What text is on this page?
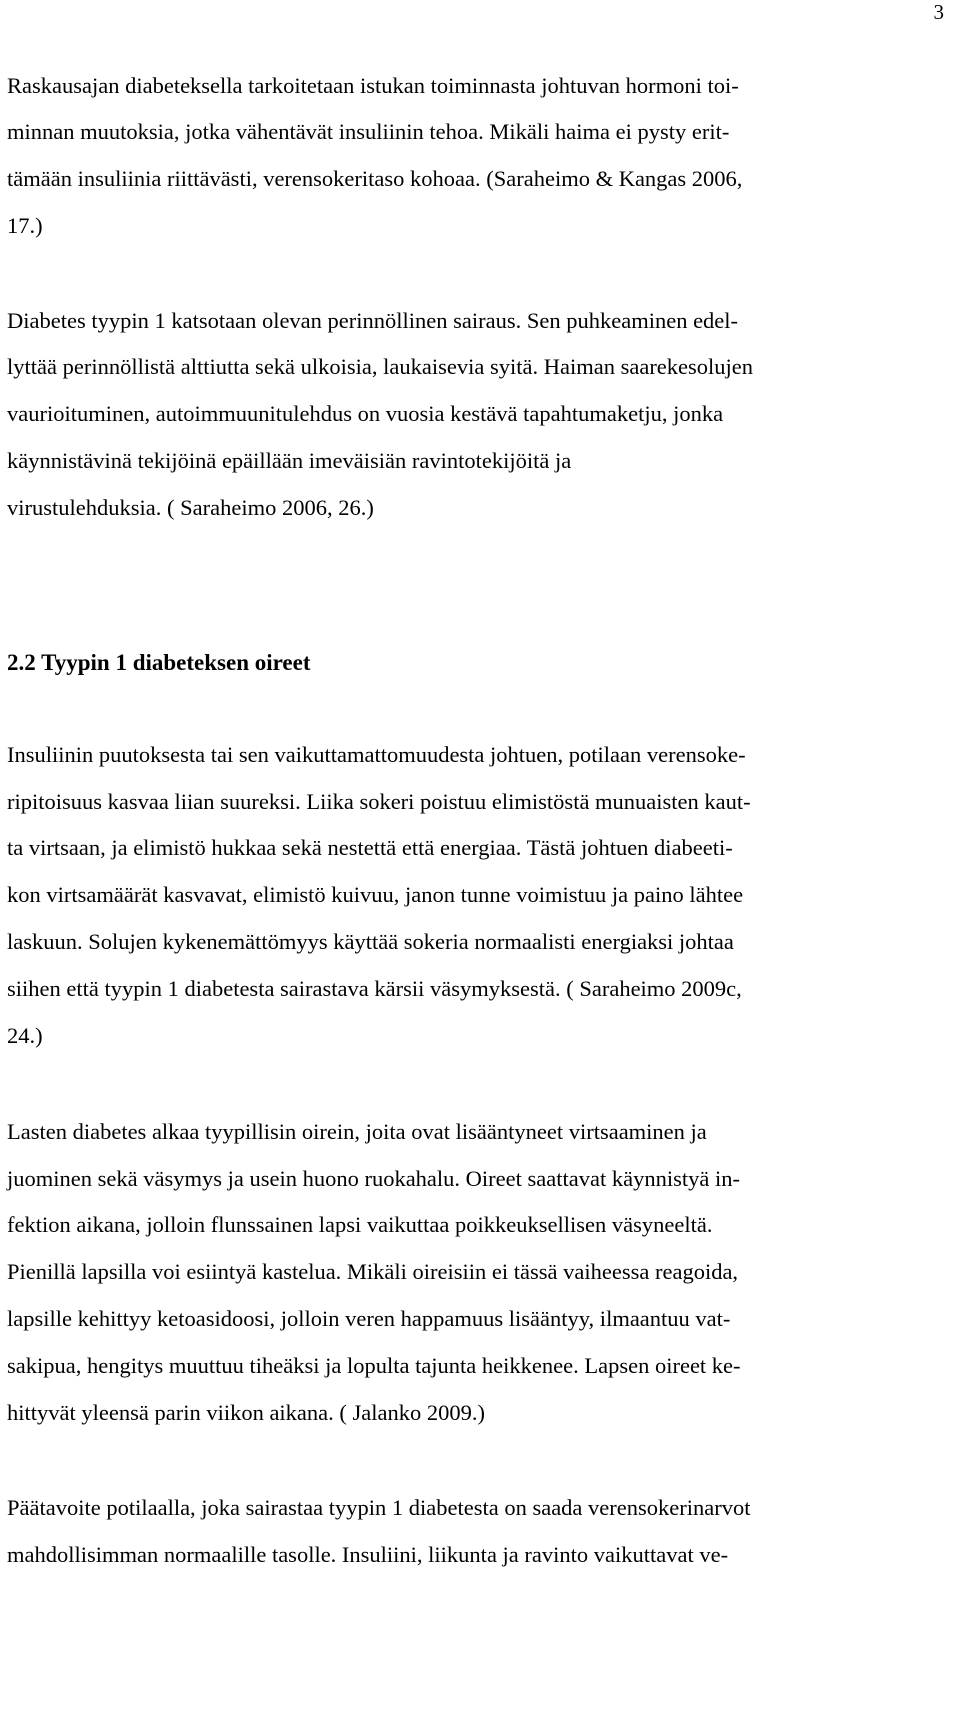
3
Raskausajan diabeteksella tarkoitetaan istukan toiminnasta johtuvan hormoni toi-
minnan muutoksia, jotka vähentävät insuliinin tehoa. Mikäli haima ei pysty erit-
tämään insuliinia riittävästi, verensokeritaso kohoaa. (Saraheimo & Kangas 2006,
17.)
Diabetes tyypin 1 katsotaan olevan perinnöllinen sairaus. Sen puhkeaminen edel-
lyttää perinnöllistä alttiutta sekä ulkoisia, laukaisevia syitä. Haiman saarekesolujen
vaurioituminen, autoimmuunitulehdus on vuosia kestävä tapahtumaketju, jonka
käynnistävinä tekijöinä epäillään imeväisiän ravintotekijöitä ja
virustulehduksia. ( Saraheimo 2006, 26.)
2.2 Tyypin 1 diabeteksen oireet
Insuliinin puutoksesta tai sen vaikuttamattomuudesta johtuen, potilaan verensoke-
ripitoisuus kasvaa liian suureksi. Liika sokeri poistuu elimistöstä munuaisten kaut-
ta virtsaan, ja elimistö hukkaa sekä nestettä että energiaa. Tästä johtuen diabeeti-
kon virtsamäärät kasvavat, elimistö kuivuu, janon tunne voimistuu ja paino lähtee
laskuun. Solujen kykenemättömyys käyttää sokeria normaalisti energiaksi johtaa
siihen että tyypin 1 diabetesta sairastava kärsii väsymyksestä. ( Saraheimo 2009c,
24.)
Lasten diabetes alkaa tyypillisin oirein, joita ovat lisääntyneet virtsaaminen ja
juominen sekä väsymys ja usein huono ruokahalu. Oireet saattavat käynnistyä in-
fektion aikana, jolloin flunssainen lapsi vaikuttaa poikkeuksellisen väsyneeltä.
Pienillä lapsilla voi esiintyä kastelua. Mikäli oireisiin ei tässä vaiheessa reagoida,
lapsille kehittyy ketoasidoosi, jolloin veren happamuus lisääntyy, ilmaantuu vat-
sakipua, hengitys muuttuu tiheäksi ja lopulta tajunta heikkenee. Lapsen oireet ke-
hittyvät yleensä parin viikon aikana. ( Jalanko 2009.)
Päätavoite potilaalla, joka sairastaa tyypin 1 diabetesta on saada verensokerinarvot
mahdollisimman normaalille tasolle. Insuliini, liikunta ja ravinto vaikuttavat ve-
